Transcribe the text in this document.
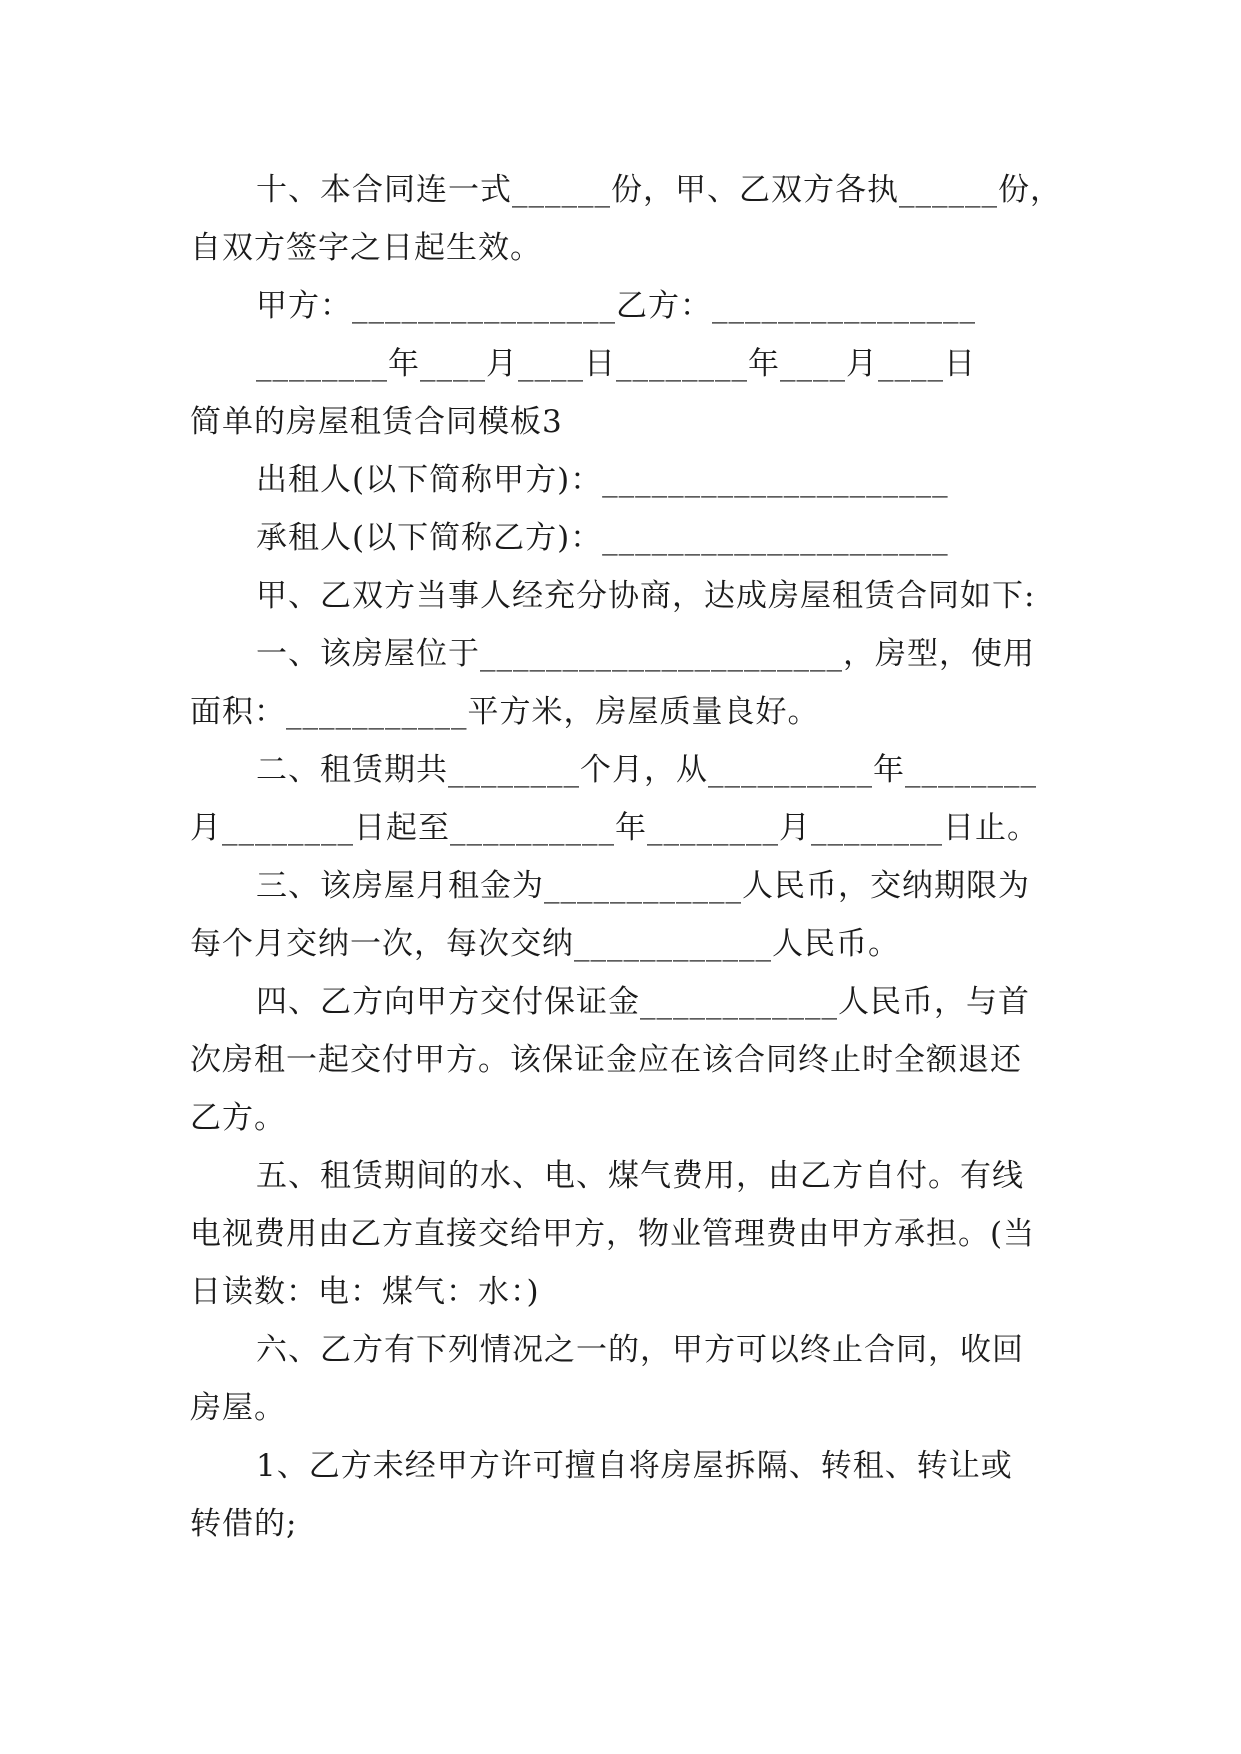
十、本合同连一式______份，甲、乙双方各执______份，
自双方签字之日起生效。
甲方：________________乙方：________________
________年____月____日________年____月____日
简单的房屋租赁合同模板3
出租人(以下简称甲方)：_____________________
承租人(以下简称乙方)：_____________________
甲、乙双方当事人经充分协商，达成房屋租赁合同如下:
一、该房屋位于______________________，房型，使用
面积：___________平方米，房屋质量良好。
二、租赁期共________个月，从__________年________
月________日起至__________年________月________日止。
三、该房屋月租金为____________人民币，交纳期限为
每个月交纳一次，每次交纳____________人民币。
四、乙方向甲方交付保证金____________人民币，与首
次房租一起交付甲方。该保证金应在该合同终止时全额退还
乙方。
五、租赁期间的水、电、煤气费用，由乙方自付。有线
电视费用由乙方直接交给甲方，物业管理费由甲方承担。(当
日读数：电：煤气：水：)
六、乙方有下列情况之一的，甲方可以终止合同，收回
房屋。
1、乙方未经甲方许可擅自将房屋拆隔、转租、转让或
转借的;
